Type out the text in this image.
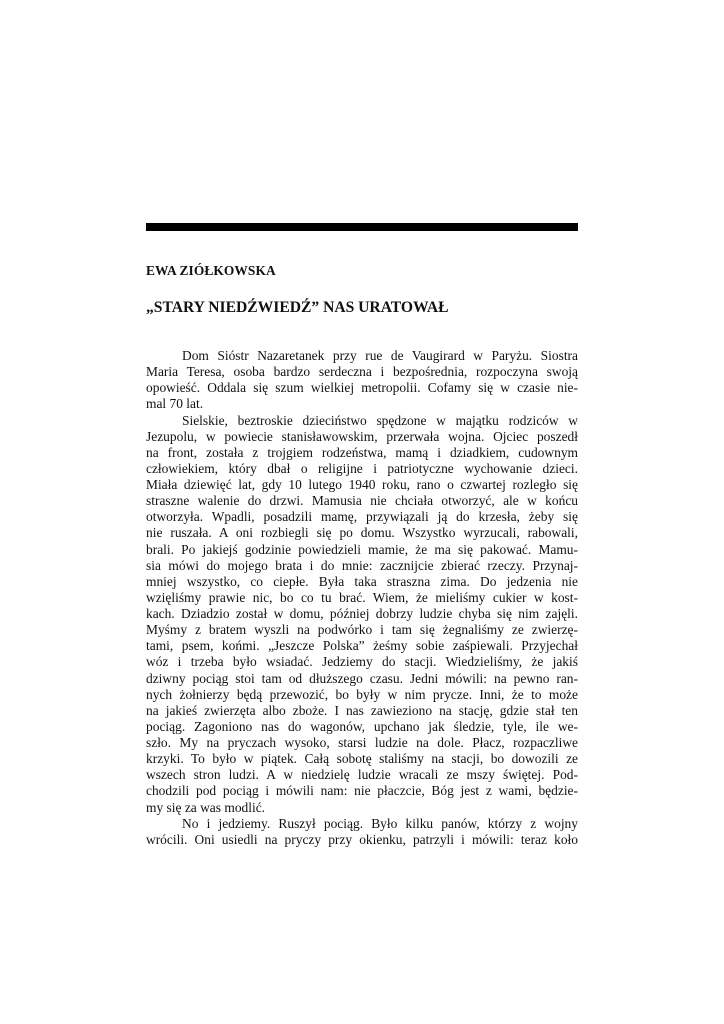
EWA ZIÓŁKOWSKA
„STARY NIEDŹWIEDŹ” NAS URATOWAŁ
Dom Sióstr Nazaretanek przy rue de Vaugirard w Paryżu. Siostra
Maria Teresa, osoba bardzo serdeczna i bezpośrednia, rozpoczyna swoją
opowieść. Oddala się szum wielkiej metropolii. Cofamy się w czasie nie-
mal 70 lat.
Sielskie, beztroskie dzieciństwo spędzone w majątku rodziców w
Jezupolu, w powiecie stanisławowskim, przerwała wojna. Ojciec poszedł
na front, została z trojgiem rodzeństwa, mamą i dziadkiem, cudownym
człowiekiem, który dbał o religijne i patriotyczne wychowanie dzieci.
Miała dziewięć lat, gdy 10 lutego 1940 roku, rano o czwartej rozległo się
straszne walenie do drzwi. Mamusia nie chciała otworzyć, ale w końcu
otworzyła. Wpadli, posadzili mamę, przywiązali ją do krzesła, żeby się
nie ruszała. A oni rozbiegli się po domu. Wszystko wyrzucali, rabowali,
brali. Po jakiejś godzinie powiedzieli mamie, że ma się pakować. Mamu-
sia mówi do mojego brata i do mnie: zacznijcie zbierać rzeczy. Przynaj-
mniej wszystko, co ciepłe. Była taka straszna zima. Do jedzenia nie
wzięliśmy prawie nic, bo co tu brać. Wiem, że mieliśmy cukier w kost-
kach. Dziadzio został w domu, później dobrzy ludzie chyba się nim zajęli.
Myśmy z bratem wyszli na podwórko i tam się żegnaliśmy ze zwierzę-
tami, psem, końmi. „Jeszcze Polska” żeśmy sobie zaśpiewali. Przyjechał
wóz i trzeba było wsiadać. Jedziemy do stacji. Wiedzieliśmy, że jakiś
dziwny pociąg stoi tam od dłuższego czasu. Jedni mówili: na pewno ran-
nych żołnierzy będą przewozić, bo były w nim prycze. Inni, że to może
na jakieś zwierzęta albo zboże. I nas zawieziono na stację, gdzie stał ten
pociąg. Zagoniono nas do wagonów, upchano jak śledzie, tyle, ile we-
szło. My na pryczach wysoko, starsi ludzie na dole. Płacz, rozpaczliwe
krzyki. To było w piątek. Całą sobotę staliśmy na stacji, bo dowozili ze
wszech stron ludzi. A w niedzielę ludzie wracali ze mszy świętej. Pod-
chodzili pod pociąg i mówili nam: nie płaczcie, Bóg jest z wami, będzie-
my się za was modlić.
No i jedziemy. Ruszył pociąg. Było kilku panów, którzy z wojny
wrócili. Oni usiedli na pryczy przy okienku, patrzyli i mówili: teraz koło
